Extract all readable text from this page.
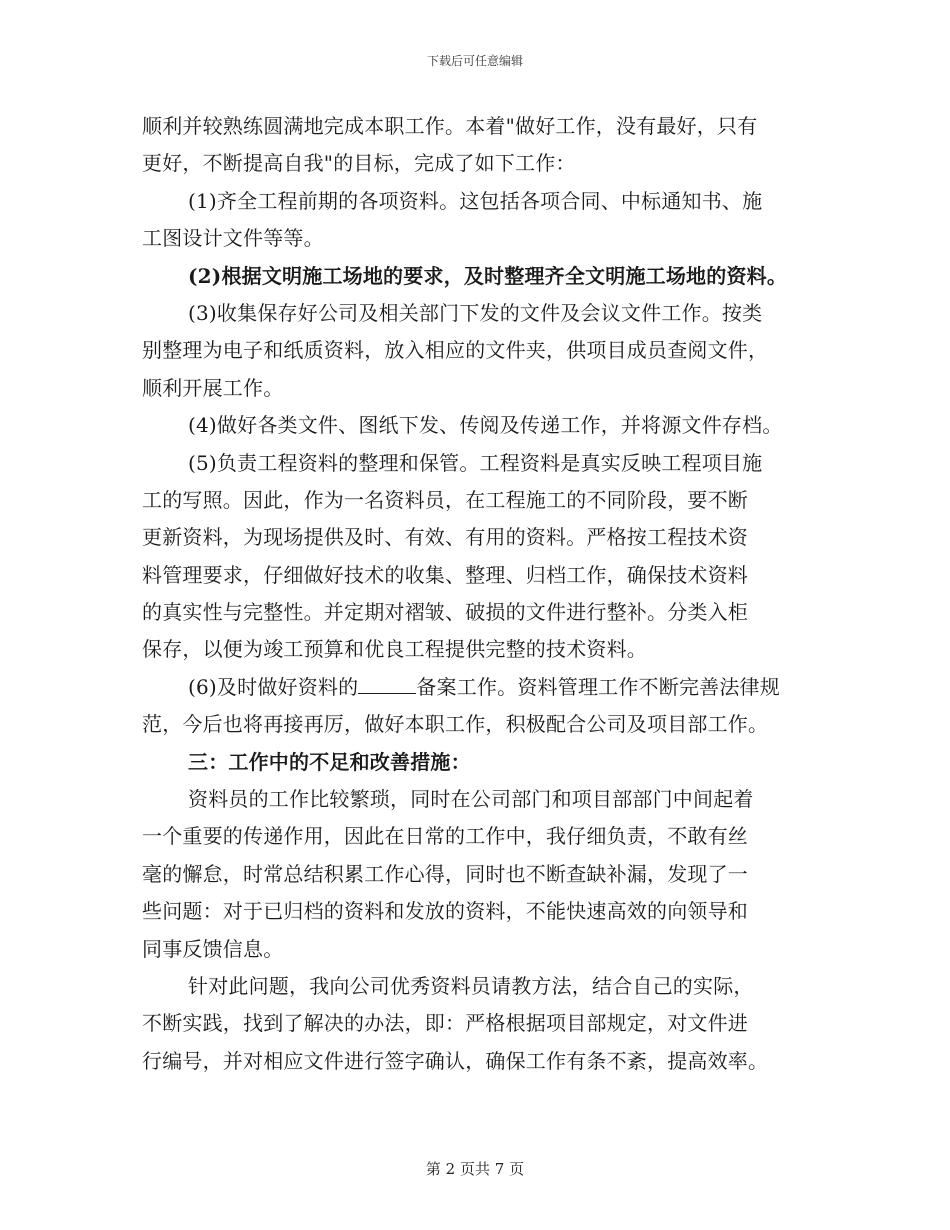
下载后可任意编辑
顺利并较熟练圆满地完成本职工作。本着"做好工作，没有最好，只有
更好，不断提高自我"的目标，完成了如下工作：
(1)齐全工程前期的各项资料。这包括各项合同、中标通知书、施
工图设计文件等等。
(2)根据文明施工场地的要求，及时整理齐全文明施工场地的资料。
(3)收集保存好公司及相关部门下发的文件及会议文件工作。按类
别整理为电子和纸质资料，放入相应的文件夹，供项目成员查阅文件，
顺利开展工作。
(4)做好各类文件、图纸下发、传阅及传递工作，并将源文件存档。
(5)负责工程资料的整理和保管。工程资料是真实反映工程项目施
工的写照。因此，作为一名资料员，在工程施工的不同阶段，要不断
更新资料，为现场提供及时、有效、有用的资料。严格按工程技术资
料管理要求，仔细做好技术的收集、整理、归档工作，确保技术资料
的真实性与完整性。并定期对褶皱、破损的文件进行整补。分类入柜
保存，以便为竣工预算和优良工程提供完整的技术资料。
(6)及时做好资料的	备案工作。资料管理工作不断完善法律规
范，今后也将再接再厉，做好本职工作，积极配合公司及项目部工作。
三：工作中的不足和改善措施：
资料员的工作比较繁琐，同时在公司部门和项目部部门中间起着
一个重要的传递作用，因此在日常的工作中，我仔细负责，不敢有丝
毫的懈怠，时常总结积累工作心得，同时也不断查缺补漏，发现了一
些问题：对于已归档的资料和发放的资料，不能快速高效的向领导和
同事反馈信息。
针对此问题，我向公司优秀资料员请教方法，结合自己的实际，
不断实践，找到了解决的办法，即：严格根据项目部规定，对文件进
行编号，并对相应文件进行签字确认，确保工作有条不紊，提高效率。
第 2 页共 7 页
